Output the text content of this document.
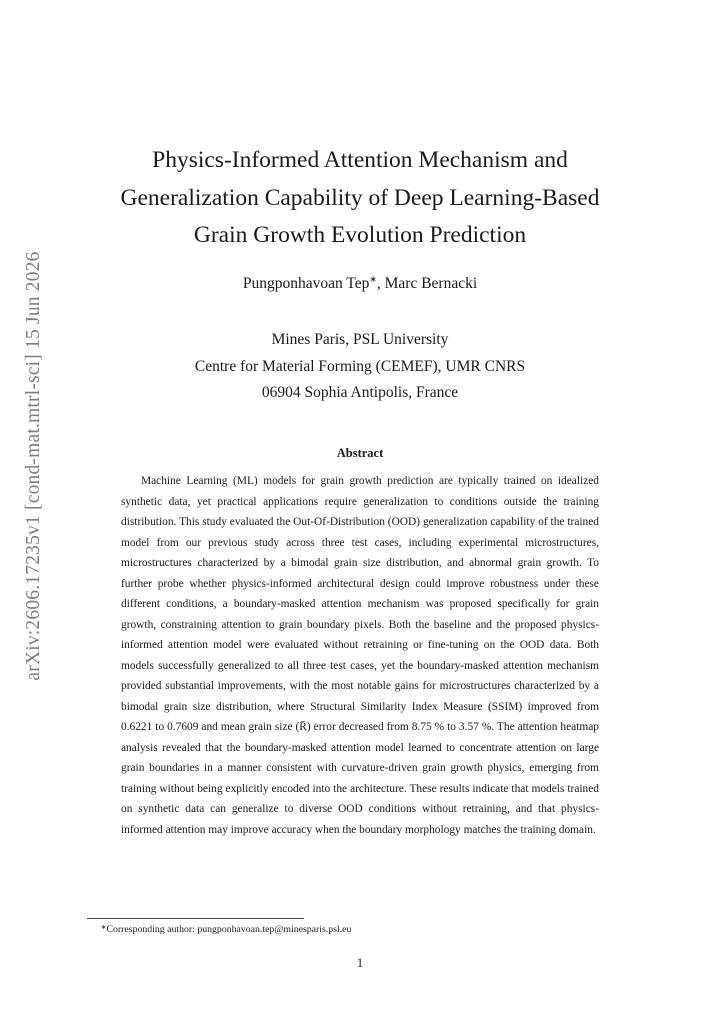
arXiv:2606.17235v1 [cond-mat.mtrl-sci] 15 Jun 2026
Physics-Informed Attention Mechanism and
Generalization Capability of Deep Learning-Based
Grain Growth Evolution Prediction
Pungponhavoan Tep∗, Marc Bernacki
Mines Paris, PSL University
Centre for Material Forming (CEMEF), UMR CNRS
06904 Sophia Antipolis, France
Abstract

Machine Learning (ML) models for grain growth prediction are typically trained on idealized synthetic data, yet practical applications require generalization to conditions outside the training distribution. This study evaluated the Out-Of-Distribution (OOD) generalization capability of the trained model from our previous study across three test cases, including experimental microstructures, microstructures characterized by a bimodal grain size distribution, and abnormal grain growth. To further probe whether physics-informed architectural design could improve robustness under these different conditions, a boundary-masked attention mechanism was proposed specifically for grain growth, constraining attention to grain boundary pixels. Both the baseline and the proposed physics-informed attention model were evaluated without retraining or fine-tuning on the OOD data. Both models successfully generalized to all three test cases, yet the boundary-masked attention mechanism provided substantial improvements, with the most notable gains for microstructures characterized by a bimodal grain size distribution, where Structural Similarity Index Measure (SSIM) improved from 0.6221 to 0.7609 and mean grain size (R̄) error decreased from 8.75 % to 3.57 %. The attention heatmap analysis revealed that the boundary-masked attention model learned to concentrate attention on large grain boundaries in a manner consistent with curvature-driven grain growth physics, emerging from training without being explicitly encoded into the architecture. These results indicate that models trained on synthetic data can generalize to diverse OOD conditions without retraining, and that physics-informed attention may improve accuracy when the boundary morphology matches the training domain.

∗Corresponding author: pungponhavoan.tep@minesparis.psl.eu
1
